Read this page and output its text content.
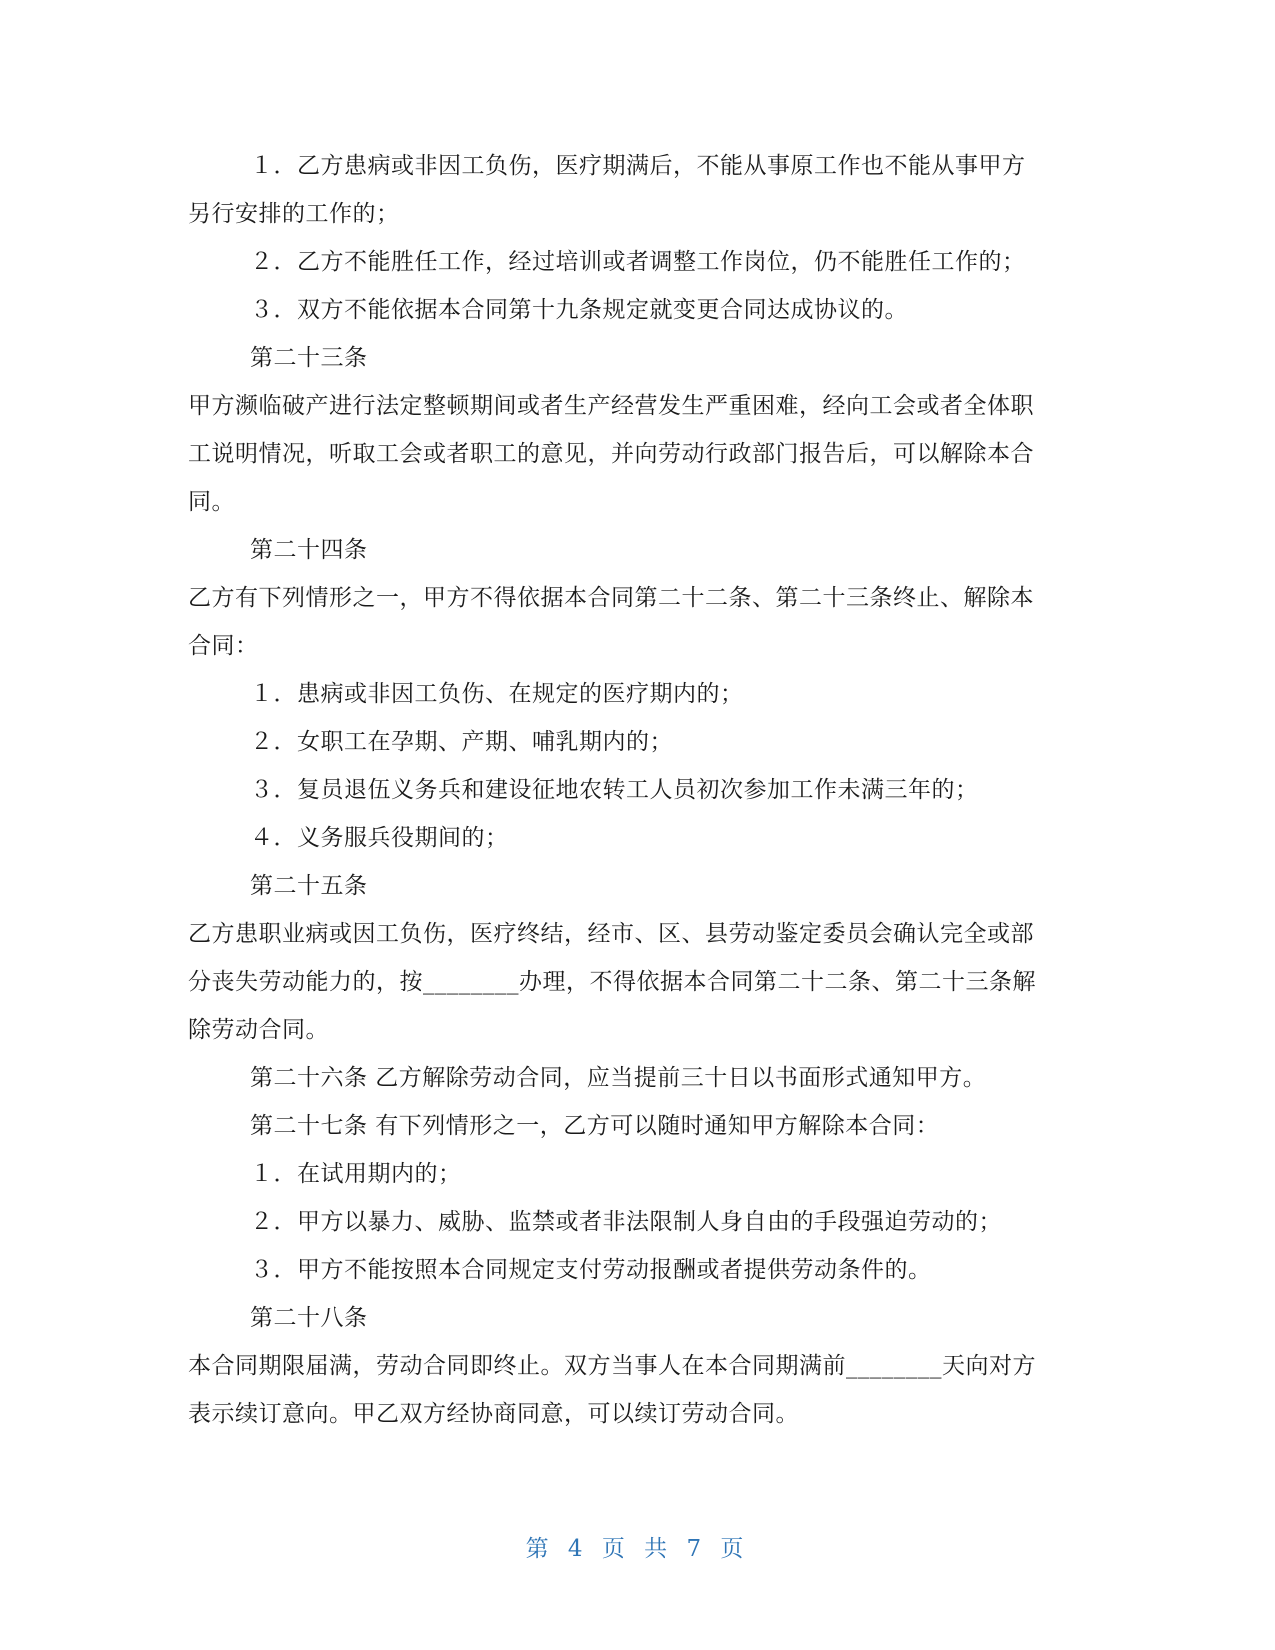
１．乙方患病或非因工负伤，医疗期满后，不能从事原工作也不能从事甲方
另行安排的工作的；
２．乙方不能胜任工作，经过培训或者调整工作岗位，仍不能胜任工作的；
３．双方不能依据本合同第十九条规定就变更合同达成协议的。
第二十三条
甲方濒临破产进行法定整顿期间或者生产经营发生严重困难，经向工会或者全体职
工说明情况，听取工会或者职工的意见，并向劳动行政部门报告后，可以解除本合
同。
第二十四条
乙方有下列情形之一，甲方不得依据本合同第二十二条、第二十三条终止、解除本
合同：
１．患病或非因工负伤、在规定的医疗期内的；
２．女职工在孕期、产期、哺乳期内的；
３．复员退伍义务兵和建设征地农转工人员初次参加工作未满三年的；
４．义务服兵役期间的；
第二十五条
乙方患职业病或因工负伤，医疗终结，经市、区、县劳动鉴定委员会确认完全或部
分丧失劳动能力的，按________办理，不得依据本合同第二十二条、第二十三条解
除劳动合同。
第二十六条 乙方解除劳动合同，应当提前三十日以书面形式通知甲方。
第二十七条 有下列情形之一，乙方可以随时通知甲方解除本合同：
１．在试用期内的；
２．甲方以暴力、威胁、监禁或者非法限制人身自由的手段强迫劳动的；
３．甲方不能按照本合同规定支付劳动报酬或者提供劳动条件的。
第二十八条
本合同期限届满，劳动合同即终止。双方当事人在本合同期满前________天向对方
表示续订意向。甲乙双方经协商同意，可以续订劳动合同。
第 4 页 共 7 页
